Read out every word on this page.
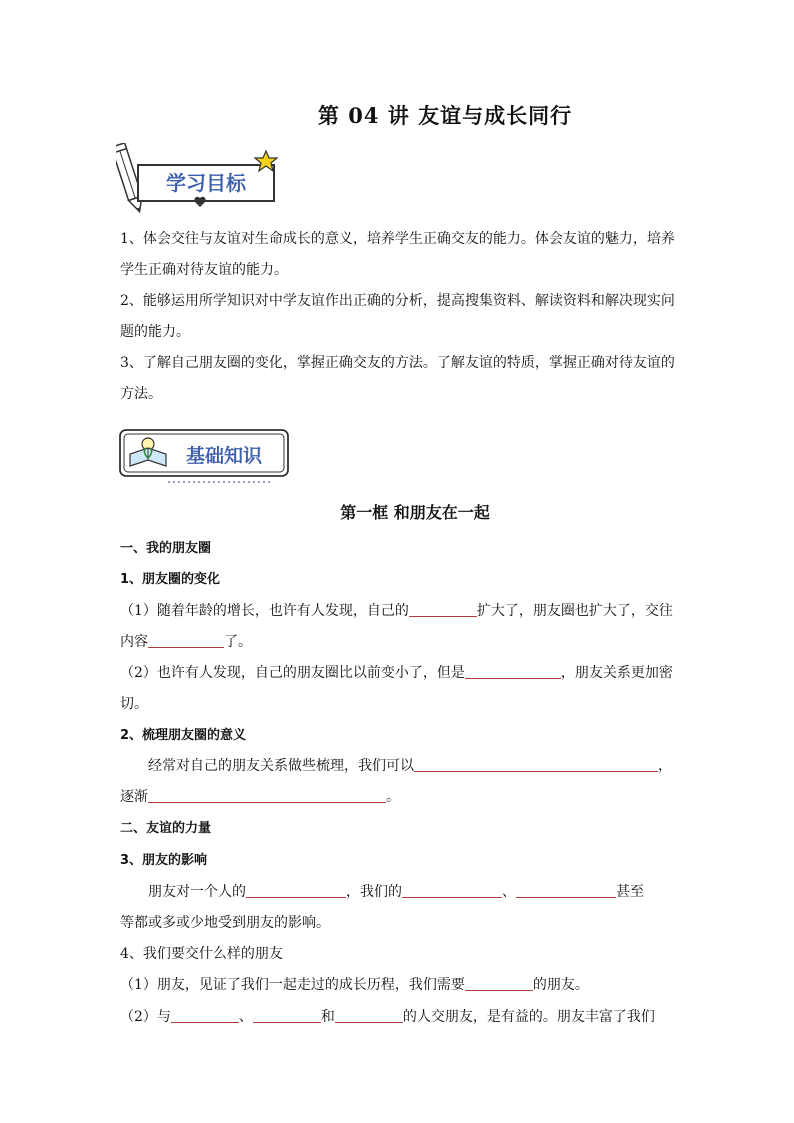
第 04 讲 友谊与成长同行
学习目标
1、体会交往与友谊对生命成长的意义，培养学生正确交友的能力。体会友谊的魅力，培养
学生正确对待友谊的能力。
2、能够运用所学知识对中学友谊作出正确的分析，提高搜集资料、解读资料和解决现实问
题的能力。
3、了解自己朋友圈的变化，掌握正确交友的方法。了解友谊的特质，掌握正确对待友谊的
方法。
基础知识
第一框 和朋友在一起
一、我的朋友圈
1、朋友圈的变化
（1）随着年龄的增长，也许有人发现，自己的	扩大了，朋友圈也扩大了，交往
内容	了。
（2）也许有人发现，自己的朋友圈比以前变小了，但是	，朋友关系更加密
切。
2、梳理朋友圈的意义
经常对自己的朋友关系做些梳理，我们可以	，
逐渐	。
二、友谊的力量
3、朋友的影响
朋友对一个人的	，我们的	、	甚至
等都或多或少地受到朋友的影响。
4、我们要交什么样的朋友
（1）朋友，见证了我们一起走过的成长历程，我们需要	的朋友。
（2）与	、	和	的人交朋友，是有益的。朋友丰富了我们
